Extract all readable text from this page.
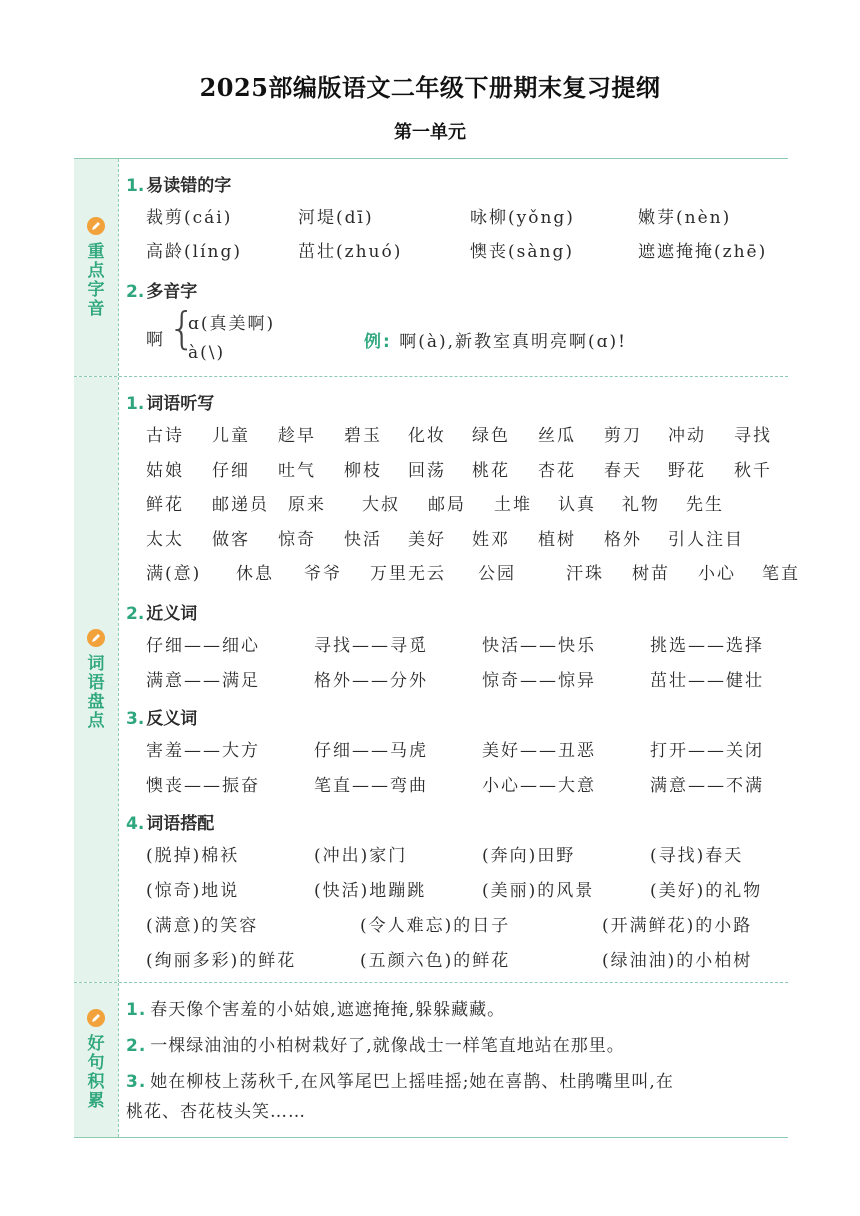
2025部编版语文二年级下册期末复习提纲
第一单元
重点字音
1. 易读错的字
裁剪(cái)	河堤(dī)	咏柳(yǒng)	嫩芽(nèn)
高龄(líng)	茁壮(zhuó)	懊丧(sàng)	遮遮掩掩(zhē)
2. 多音字
啊 {
ɑ(真美啊)
à(\)
例: 啊(à),新教室真明亮啊(ɑ)!
词语盘点
1. 词语听写
古诗 儿童 趁早 碧玉 化妆 绿色 丝瓜 剪刀 冲动 寻找
姑娘 仔细 吐气 柳枝 回荡 桃花 杏花 春天 野花 秋千
鲜花 邮递员 原来 大叔 邮局 土堆 认真 礼物 先生
太太 做客 惊奇 快活 美好 姓邓 植树 格外 引人注目
满(意) 休息 爷爷 万里无云 公园	汗珠 树苗 小心 笔直
2. 近义词
仔细——细心	寻找——寻觅	快活——快乐	挑选——选择
满意——满足	格外——分外	惊奇——惊异	茁壮——健壮
3. 反义词
害羞——大方	仔细——马虎	美好——丑恶	打开——关闭
懊丧——振奋	笔直——弯曲	小心——大意	满意——不满
4. 词语搭配
(脱掉)棉袄	(冲出)家门	(奔向)田野	(寻找)春天
(惊奇)地说	(快活)地蹦跳	(美丽)的风景	(美好)的礼物
(满意)的笑容	(令人难忘)的日子	(开满鲜花)的小路
(绚丽多彩)的鲜花	(五颜六色)的鲜花	(绿油油)的小柏树
好句积累
1. 春天像个害羞的小姑娘,遮遮掩掩,躲躲藏藏。
2. 一棵绿油油的小柏树栽好了,就像战士一样笔直地站在那里。
3. 她在柳枝上荡秋千,在风筝尾巴上摇哇摇;她在喜鹊、杜鹃嘴里叫,在
桃花、杏花枝头笑……
